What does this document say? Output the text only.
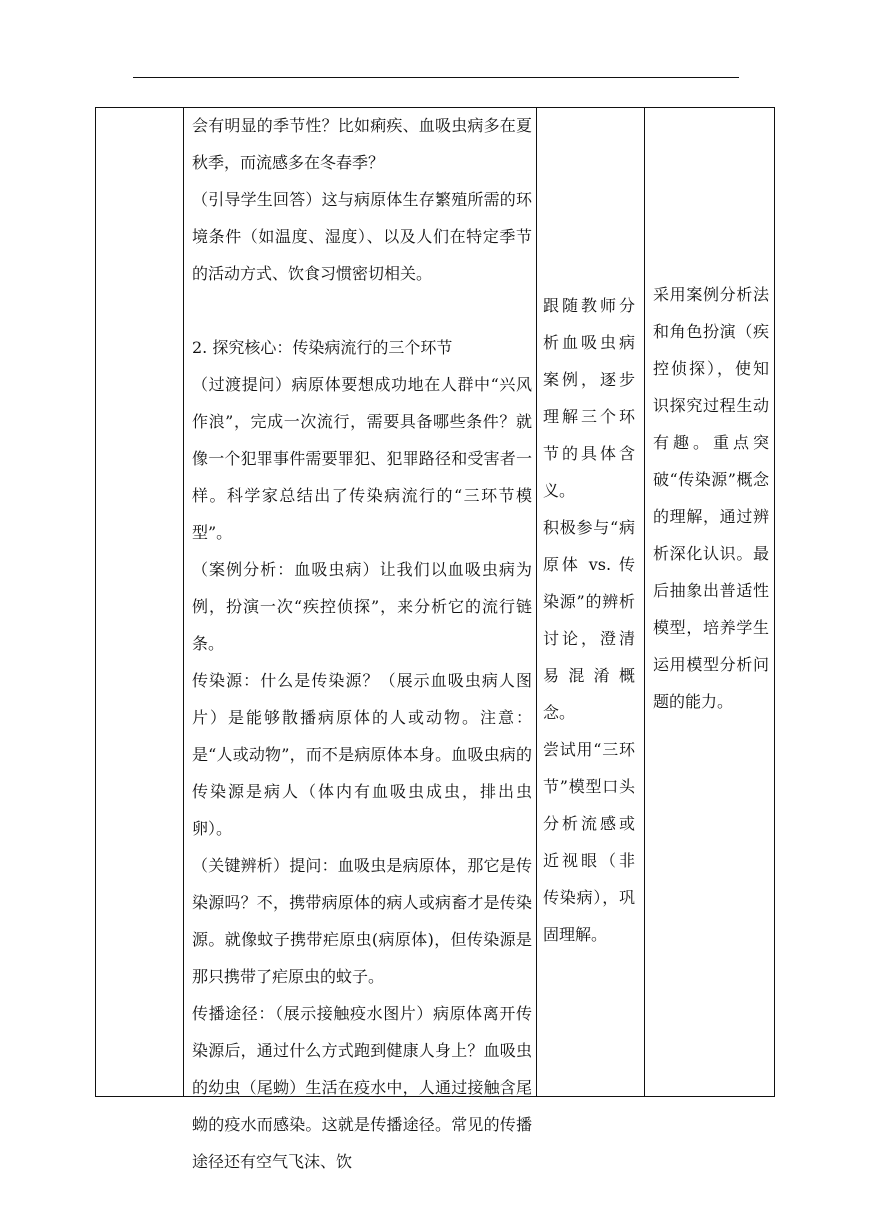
会有明显的季节性？比如痢疾、血吸虫病多在夏秋季，而流感多在冬春季？

（引导学生回答）这与病原体生存繁殖所需的环境条件（如温度、湿度）、以及人们在特定季节的活动方式、饮食习惯密切相关。

2. 探究核心：传染病流行的三个环节

（过渡提问）病原体要想成功地在人群中“兴风作浪”，完成一次流行，需要具备哪些条件？就像一个犯罪事件需要罪犯、犯罪路径和受害者一样。科学家总结出了传染病流行的“三环节模型”。

（案例分析：血吸虫病）让我们以血吸虫病为例，扮演一次“疾控侦探”，来分析它的流行链条。

传染源：什么是传染源？（展示血吸虫病人图片）是能够散播病原体的人或动物。注意：是“人或动物”，而不是病原体本身。血吸虫病的传染源是病人（体内有血吸虫成虫，排出虫卵）。

（关键辨析）提问：血吸虫是病原体，那它是传染源吗？不，携带病原体的病人或病畜才是传染源。就像蚊子携带疟原虫(病原体)，但传染源是那只携带了疟原虫的蚊子。

传播途径：（展示接触疫水图片）病原体离开传染源后，通过什么方式跑到健康人身上？血吸虫的幼虫（尾蚴）生活在疫水中，人通过接触含尾蚴的疫水而感染。这就是传播途径。常见的传播途径还有空气飞沫、饮

跟随教师分析血吸虫病案例，逐步理解三个环节的具体含义。

积极参与“病原体 vs. 传染源”的辨析讨论，澄清易混淆概念。

尝试用“三环节”模型口头分析流感或近视眼（非传染病），巩固理解。

采用案例分析法和角色扮演（疾控侦探），使知识探究过程生动有趣。重点突破“传染源”概念的理解，通过辨析深化认识。最后抽象出普适性模型，培养学生运用模型分析问题的能力。
